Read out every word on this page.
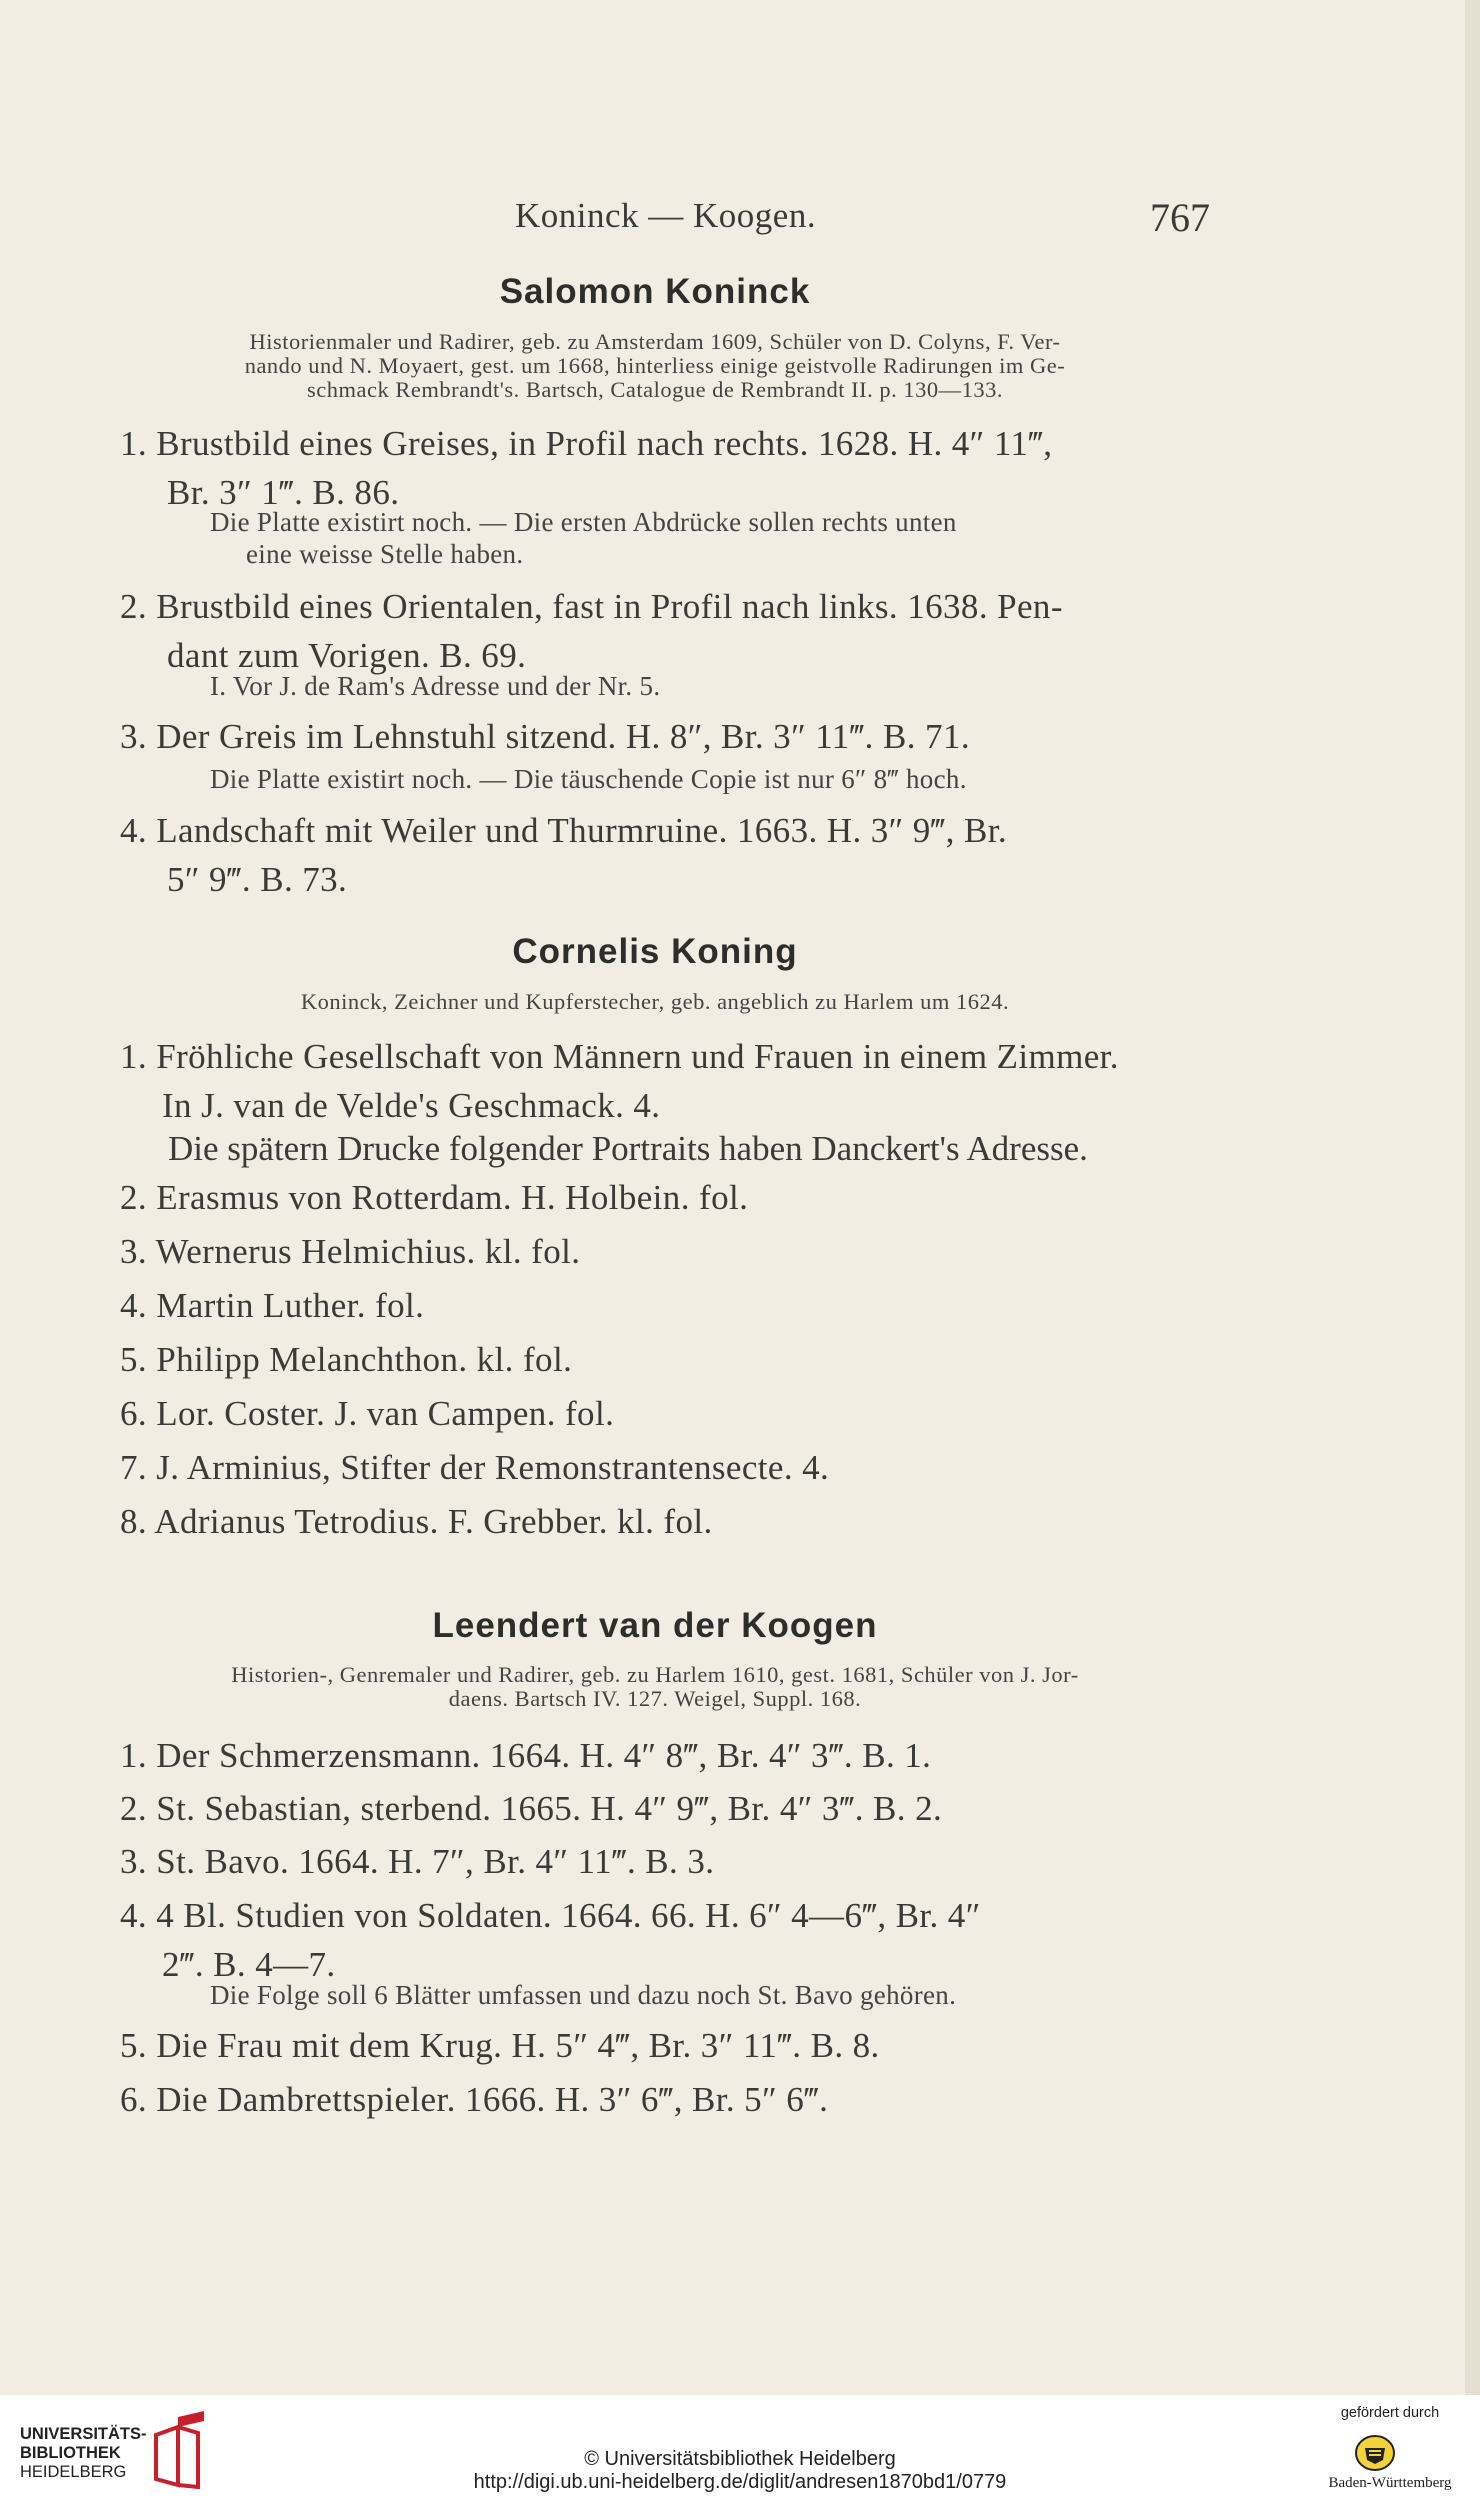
Koninck — Koogen.	767
Salomon Koninck
Historienmaler und Radirer, geb. zu Amsterdam 1609, Schüler von D. Colyns, F. Ver-
nando und N. Moyaert, gest. um 1668, hinterliess einige geistvolle Radirungen im Ge-
schmack Rembrandt's. Bartsch, Catalogue de Rembrandt II. p. 130—133.
1. Brustbild eines Greises, in Profil nach rechts. 1628. H. 4″ 11‴,
Br. 3″ 1‴. B. 86.
Die Platte existirt noch. — Die ersten Abdrücke sollen rechts unten
eine weisse Stelle haben.
2. Brustbild eines Orientalen, fast in Profil nach links. 1638. Pen-
dant zum Vorigen. B. 69.
I. Vor J. de Ram's Adresse und der Nr. 5.
3. Der Greis im Lehnstuhl sitzend. H. 8″, Br. 3″ 11‴. B. 71.
Die Platte existirt noch. — Die täuschende Copie ist nur 6″ 8‴ hoch.
4. Landschaft mit Weiler und Thurmruine. 1663. H. 3″ 9‴, Br.
5″ 9‴. B. 73.
Cornelis Koning
Koninck, Zeichner und Kupferstecher, geb. angeblich zu Harlem um 1624.
1. Fröhliche Gesellschaft von Männern und Frauen in einem Zimmer.
In J. van de Velde's Geschmack. 4.
Die spätern Drucke folgender Portraits haben Danckert's Adresse.
2. Erasmus von Rotterdam. H. Holbein. fol.
3. Wernerus Helmichius. kl. fol.
4. Martin Luther. fol.
5. Philipp Melanchthon. kl. fol.
6. Lor. Coster. J. van Campen. fol.
7. J. Arminius, Stifter der Remonstrantensecte. 4.
8. Adrianus Tetrodius. F. Grebber. kl. fol.
Leendert van der Koogen
Historien-, Genremaler und Radirer, geb. zu Harlem 1610, gest. 1681, Schüler von J. Jor-
daens. Bartsch IV. 127. Weigel, Suppl. 168.
1. Der Schmerzensmann. 1664. H. 4″ 8‴, Br. 4″ 3‴. B. 1.
2. St. Sebastian, sterbend. 1665. H. 4″ 9‴, Br. 4″ 3‴. B. 2.
3. St. Bavo. 1664. H. 7″, Br. 4″ 11‴. B. 3.
4. 4 Bl. Studien von Soldaten. 1664. 66. H. 6″ 4—6‴, Br. 4″
2‴. B. 4—7.
Die Folge soll 6 Blätter umfassen und dazu noch St. Bavo gehören.
5. Die Frau mit dem Krug. H. 5″ 4‴, Br. 3″ 11‴. B. 8.
6. Die Dambrettspieler. 1666. H. 3″ 6‴, Br. 5″ 6‴.
UNIVERSITÄTS-
BIBLIOTHEK
HEIDELBERG
© Universitätsbibliothek Heidelberg
http://digi.ub.uni-heidelberg.de/diglit/andresen1870bd1/0779
gefördert durch
Baden-Württemberg
